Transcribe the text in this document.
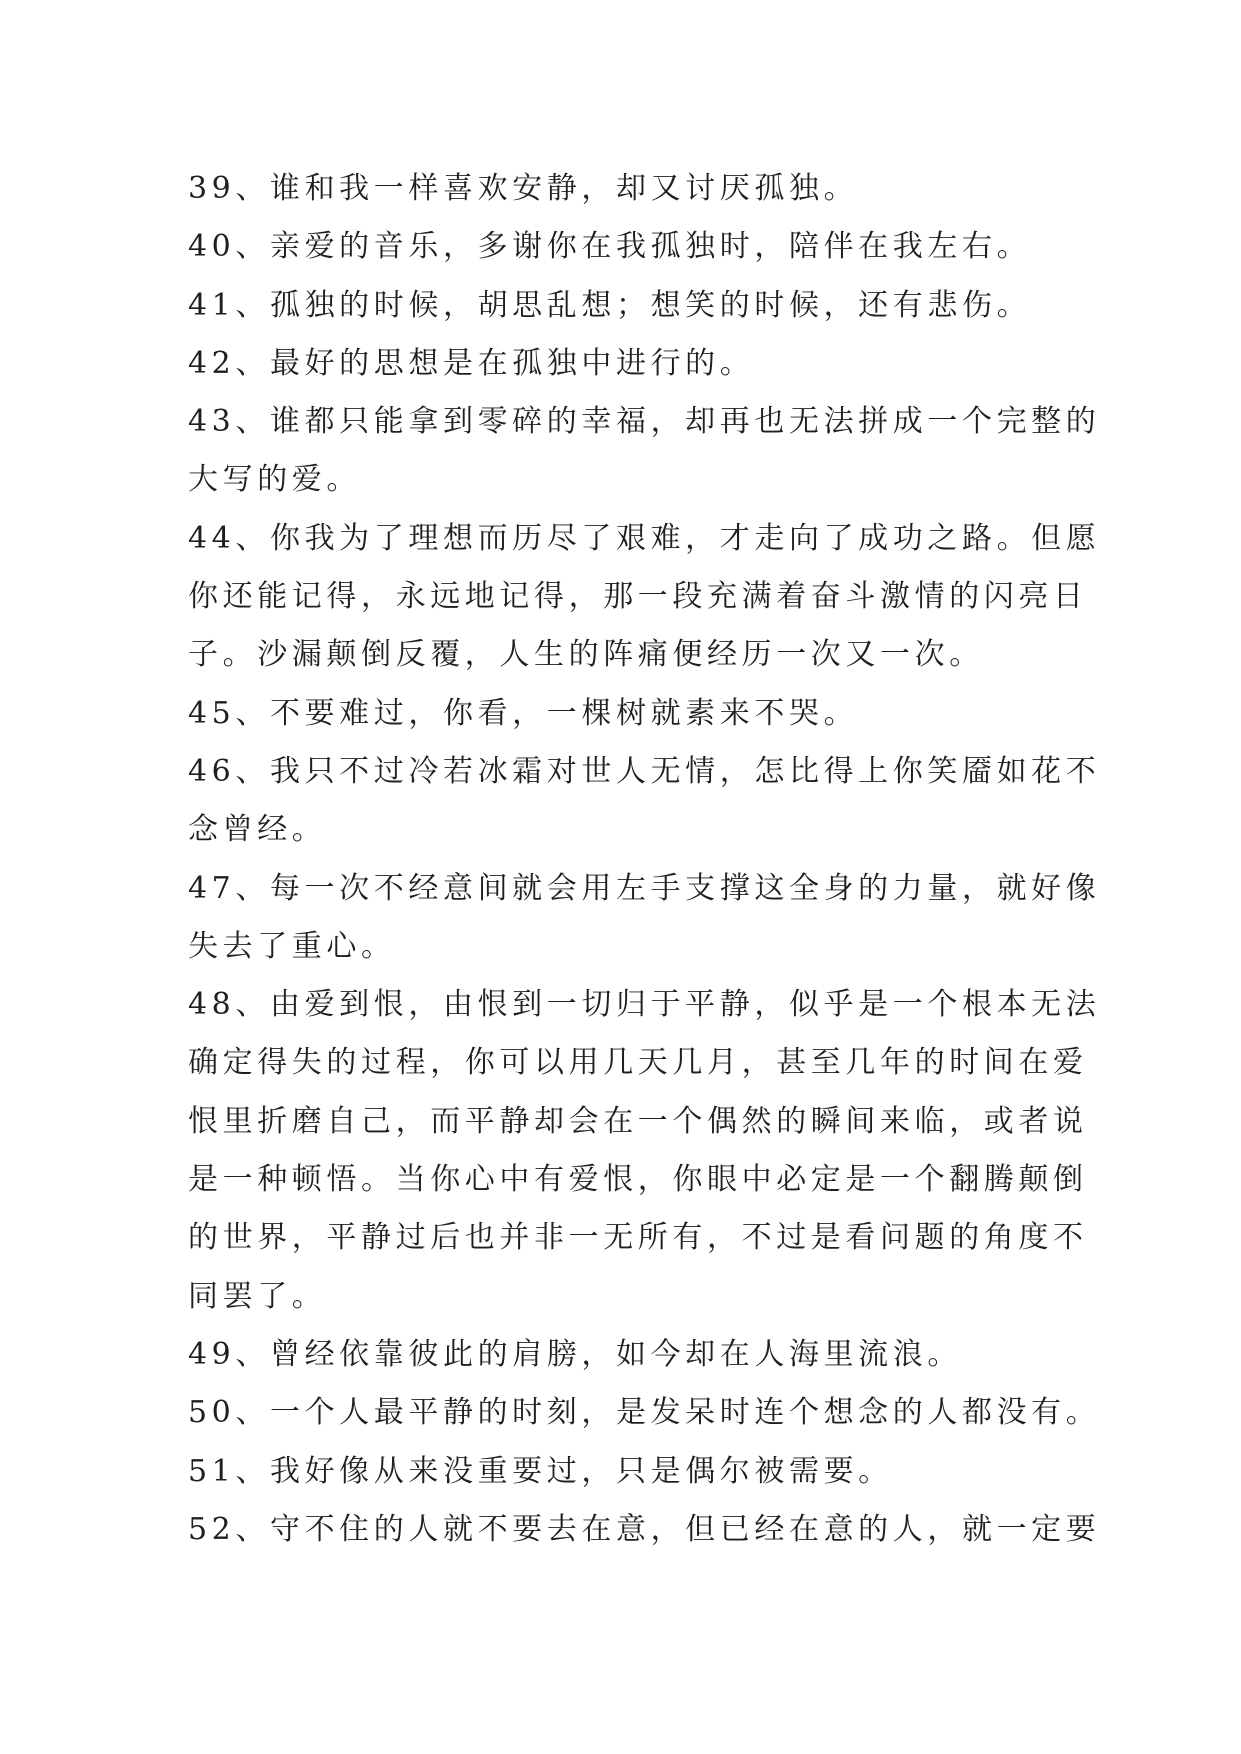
39、谁和我一样喜欢安静，却又讨厌孤独。
40、亲爱的音乐，多谢你在我孤独时，陪伴在我左右。
41、孤独的时候，胡思乱想；想笑的时候，还有悲伤。
42、最好的思想是在孤独中进行的。
43、谁都只能拿到零碎的幸福，却再也无法拼成一个完整的
大写的爱。
44、你我为了理想而历尽了艰难，才走向了成功之路。但愿
你还能记得，永远地记得，那一段充满着奋斗激情的闪亮日
子。沙漏颠倒反覆，人生的阵痛便经历一次又一次。
45、不要难过，你看，一棵树就素来不哭。
46、我只不过冷若冰霜对世人无情，怎比得上你笑靥如花不
念曾经。
47、每一次不经意间就会用左手支撑这全身的力量，就好像
失去了重心。
48、由爱到恨，由恨到一切归于平静，似乎是一个根本无法
确定得失的过程，你可以用几天几月，甚至几年的时间在爱
恨里折磨自己，而平静却会在一个偶然的瞬间来临，或者说
是一种顿悟。当你心中有爱恨，你眼中必定是一个翻腾颠倒
的世界，平静过后也并非一无所有，不过是看问题的角度不
同罢了。
49、曾经依靠彼此的肩膀，如今却在人海里流浪。
50、一个人最平静的时刻，是发呆时连个想念的人都没有。
51、我好像从来没重要过，只是偶尔被需要。
52、守不住的人就不要去在意，但已经在意的人，就一定要
